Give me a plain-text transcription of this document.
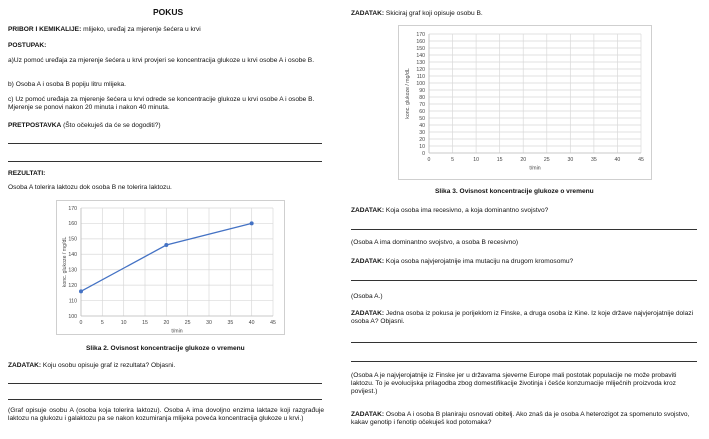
POKUS
PRIBOR I KEMIKALIJE: mlijeko, uređaj za mjerenje šećera u krvi
POSTUPAK:
a)Uz pomoć uređaja za mjerenje šećera u krvi provjeri se koncentracija glukoze u krvi osobe A i osobe B.
b) Osoba A i osoba B popiju litru mlijeka.
c) Uz pomoć uređaja za mjerenje šećera u krvi odrede se koncentracije glukoze u krvi osobe A i osobe B. Mjerenje se ponovi nakon 20 minuta i nakon 40 minuta.
PRETPOSTAVKA (Što očekuješ da će se dogoditi?)
REZULTATI:
Osoba A tolerira laktozu dok osoba B ne tolerira laktozu.
100
110
120
130
140
150
160
170
0	5	10	15	20	25	30	35	40	45
t/min
konc. glukoze / mg/dL
Slika 2. Ovisnost koncentracije glukoze o vremenu
ZADATAK: Koju osobu opisuje graf iz rezultata? Objasni.
(Graf opisuje osobu A (osoba koja tolerira laktozu). Osoba A ima dovoljno enzima laktaze koji razgrađuje laktozu na glukozu i galaktozu pa se nakon kozumiranja mlijeka poveća koncentracija glukoze u krvi.)
ZADATAK: Skiciraj graf koji opisuje osobu B.
0
10
20
30
40
50
60
70
80
90
100
110
120
130
140
150
160
170
0	5	10	15	20	25	30	35	40	45
t/min
konc. glukoze / mg/dL
Slika 3. Ovisnost koncentracije glukoze o vremenu
ZADATAK: Koja osoba ima recesivno, a koja dominantno svojstvo?
(Osoba A ima dominantno svojstvo, a osoba B recesivno)
ZADATAK: Koja osoba najvjerojatnije ima mutaciju na drugom kromosomu?
(Osoba A.)
ZADATAK: Jedna osoba iz pokusa je porijeklom iz Finske, a druga osoba iz Kine. Iz koje države najvjerojatnije dolazi osoba A? Objasni.
(Osoba A je najvjerojatnije iz Finske jer u državama sjeverne Europe mali postotak populacije ne može probaviti laktozu. To je evolucijska prilagodba zbog domestifikacije životinja i češće konzumacije mliječnih proizvoda kroz povijest.)
ZADATAK: Osoba A i osoba B planiraju osnovati obitelj. Ako znaš da je osoba A heterozigot za spomenuto svojstvo, kakav genotip i fenotip očekuješ kod potomaka?
